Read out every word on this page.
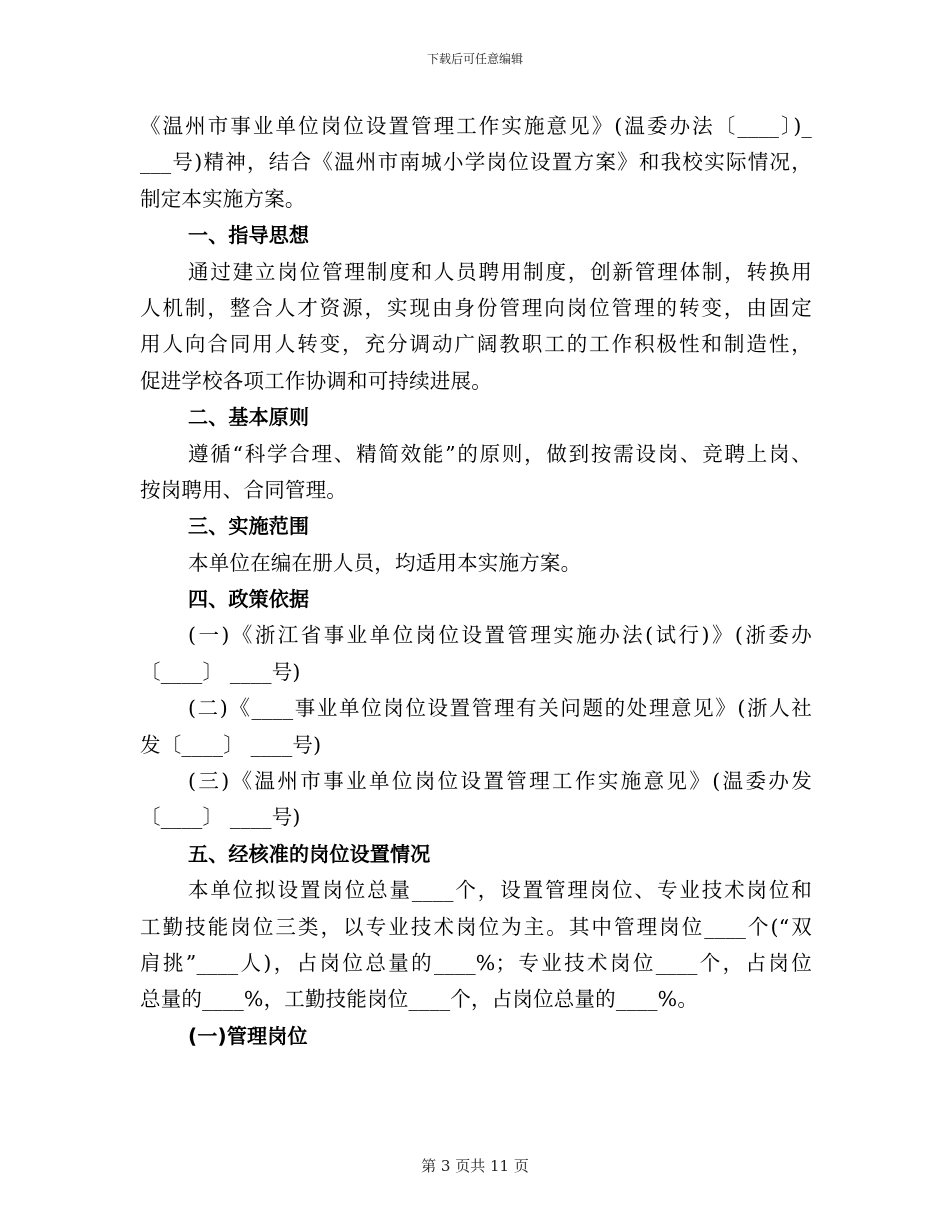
下载后可任意编辑
《温州市事业单位岗位设置管理工作实施意见》(温委办法〔____〕)_
___号)精神，结合《温州市南城小学岗位设置方案》和我校实际情况，
制定本实施方案。
一、指导思想
通过建立岗位管理制度和人员聘用制度，创新管理体制，转换用
人机制，整合人才资源，实现由身份管理向岗位管理的转变，由固定
用人向合同用人转变，充分调动广阔教职工的工作积极性和制造性，
促进学校各项工作协调和可持续进展。
二、基本原则
遵循“科学合理、精简效能”的原则，做到按需设岗、竞聘上岗、
按岗聘用、合同管理。
三、实施范围
本单位在编在册人员，均适用本实施方案。
四、政策依据
(一)《浙江省事业单位岗位设置管理实施办法(试行)》(浙委办
〔____〕 ____号)
(二)《____事业单位岗位设置管理有关问题的处理意见》(浙人社
发〔____〕 ____号)
(三)《温州市事业单位岗位设置管理工作实施意见》(温委办发
〔____〕 ____号)
五、经核准的岗位设置情况
本单位拟设置岗位总量____个，设置管理岗位、专业技术岗位和
工勤技能岗位三类，以专业技术岗位为主。其中管理岗位____个(“双
肩挑”____人)，占岗位总量的____%；专业技术岗位____个，占岗位
总量的____%，工勤技能岗位____个，占岗位总量的____%。
(一)管理岗位
第 3 页共 11 页
